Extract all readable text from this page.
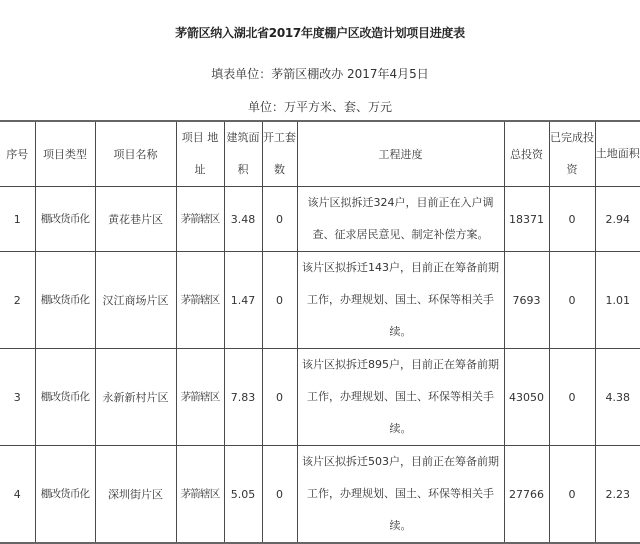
茅箭区纳入湖北省2017年度棚户区改造计划项目进度表
填表单位：茅箭区棚改办 2017年4月5日
单位：万平方米、套、万元
序号	项目类型	项目名称	项目 地址	建筑面积	开工套数	工程进度	总投资	已完成投资	土地面积
1	棚改货币化	黄花巷片区	茅箭辖区	3.48	0	该片区拟拆迁324户，目前正在入户调查、征求居民意见、制定补偿方案。	18371	0	2.94
2	棚改货币化	汉江商场片区	茅箭辖区	1.47	0	该片区拟拆迁143户，目前正在筹备前期工作，办理规划、国土、环保等相关手续。	7693	0	1.01
3	棚改货币化	永新新村片区	茅箭辖区	7.83	0	该片区拟拆迁895户，目前正在筹备前期工作，办理规划、国土、环保等相关手续。	43050	0	4.38
4	棚改货币化	深圳街片区	茅箭辖区	5.05	0	该片区拟拆迁503户，目前正在筹备前期工作，办理规划、国土、环保等相关手续。	27766	0	2.23
